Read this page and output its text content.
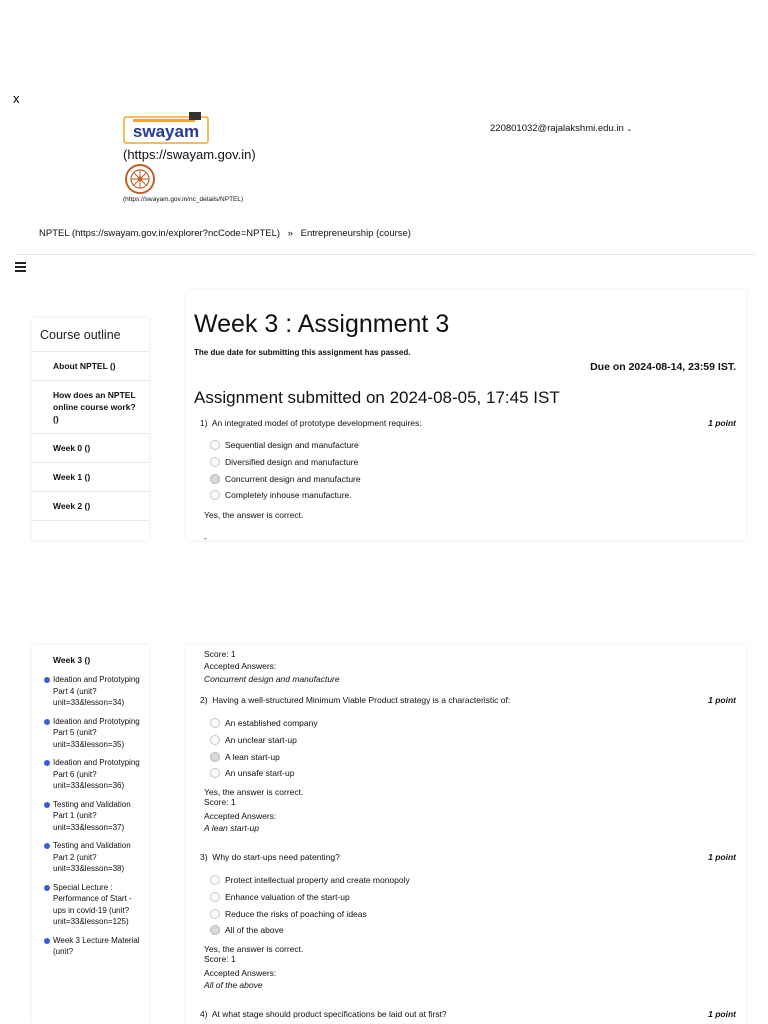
x
swayam
(https://swayam.gov.in)
(https://swayam.gov.in/nc_details/NPTEL)
220801032@rajalakshmi.edu.in ⌄
NPTEL (https://swayam.gov.in/explorer?ncCode=NPTEL) » Entrepreneurship (course)
Course outline
About NPTEL ()
How does an NPTEL online course work? ()
Week 0 ()
Week 1 ()
Week 2 ()
Week 3 : Assignment 3
The due date for submitting this assignment has passed.
Due on 2024-08-14, 23:59 IST.
Assignment submitted on 2024-08-05, 17:45 IST
1) An integrated model of prototype development requires:	1 point
Sequential design and manufacture
Diversified design and manufacture
Concurrent design and manufacture
Completely inhouse manufacture.
Yes, the answer is correct.
-
Week 3 ()
Ideation and Prototyping Part 4 (unit?unit=33&lesson=34)
Ideation and Prototyping Part 5 (unit?unit=33&lesson=35)
Ideation and Prototyping Part 6 (unit?unit=33&lesson=36)
Testing and Validation Part 1 (unit?unit=33&lesson=37)
Testing and Validation Part 2 (unit?unit=33&lesson=38)
Special Lecture : Performance of Start - ups in covid-19 (unit?unit=33&lesson=125)
Week 3 Lecture Material (unit?
Score: 1
Accepted Answers:
Concurrent design and manufacture
2) Having a well-structured Minimum Viable Product strategy is a characteristic of:	1 point
An established company
An unclear start-up
A lean start-up
An unsafe start-up
Yes, the answer is correct.
Score: 1
Accepted Answers:
A lean start-up
3) Why do start-ups need patenting?	1 point
Protect intellectual property and create monopoly
Enhance valuation of the start-up
Reduce the risks of poaching of ideas
All of the above
Yes, the answer is correct.
Score: 1
Accepted Answers:
All of the above
4) At what stage should product specifications be laid out at first?	1 point
